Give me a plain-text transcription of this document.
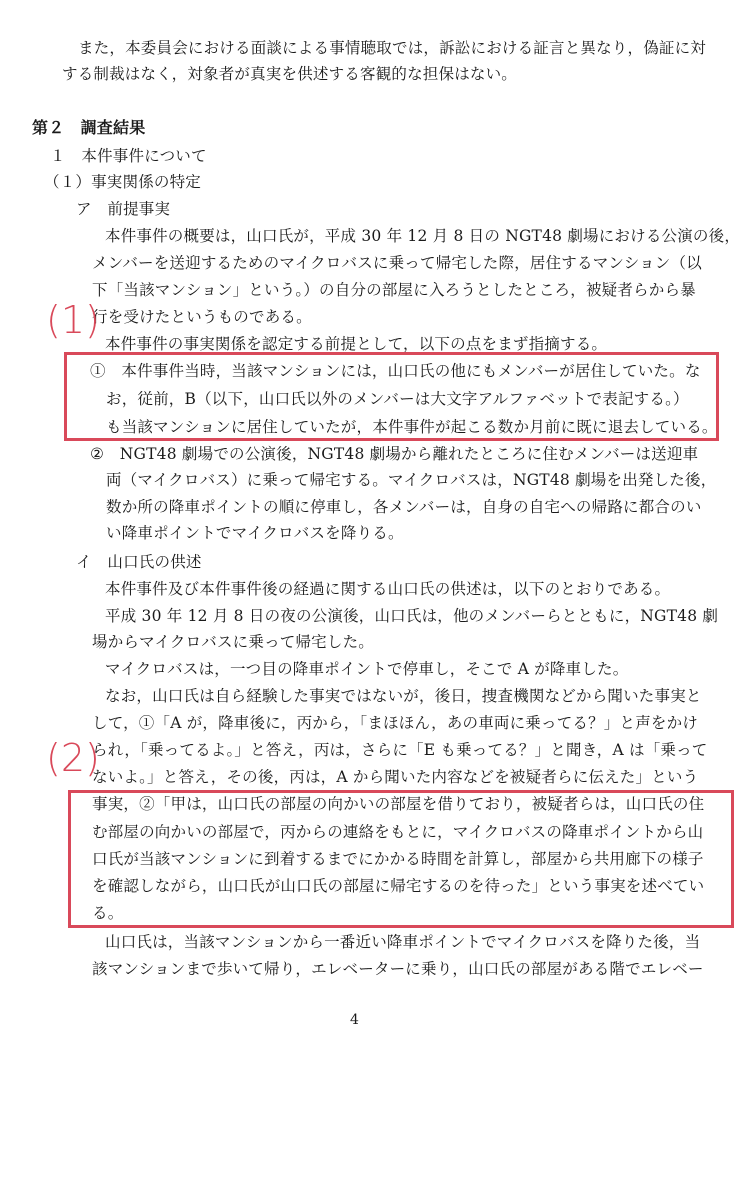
また，本委員会における面談による事情聴取では，訴訟における証言と異なり，偽証に対
する制裁はなく，対象者が真実を供述する客観的な担保はない。
第２　調査結果
１　本件事件について
（１）事実関係の特定
ア　前提事実
本件事件の概要は，山口氏が，平成 30 年 12 月 8 日の NGT48 劇場における公演の後，
メンバーを送迎するためのマイクロバスに乗って帰宅した際，居住するマンション（以
下「当該マンション」という。）の自分の部屋に入ろうとしたところ，被疑者らから暴
行を受けたというものである。
本件事件の事実関係を認定する前提として，以下の点をまず指摘する。
①　本件事件当時，当該マンションには，山口氏の他にもメンバーが居住していた。な
お，従前，B（以下，山口氏以外のメンバーは大文字アルファベットで表記する。）
も当該マンションに居住していたが，本件事件が起こる数か月前に既に退去している。
②　NGT48 劇場での公演後，NGT48 劇場から離れたところに住むメンバーは送迎車
両（マイクロバス）に乗って帰宅する。マイクロバスは，NGT48 劇場を出発した後，
数か所の降車ポイントの順に停車し，各メンバーは，自身の自宅への帰路に都合のい
い降車ポイントでマイクロバスを降りる。
イ　山口氏の供述
本件事件及び本件事件後の経過に関する山口氏の供述は，以下のとおりである。
平成 30 年 12 月 8 日の夜の公演後，山口氏は，他のメンバーらとともに，NGT48 劇
場からマイクロバスに乗って帰宅した。
マイクロバスは，一つ目の降車ポイントで停車し，そこで A が降車した。
なお，山口氏は自ら経験した事実ではないが，後日，捜査機関などから聞いた事実と
して，①「A が，降車後に，丙から，「まほほん，あの車両に乗ってる？」と声をかけ
られ，「乗ってるよ。」と答え，丙は，さらに「E も乗ってる？」と聞き，A は「乗って
ないよ。」と答え，その後，丙は，A から聞いた内容などを被疑者らに伝えた」という
事実，②「甲は，山口氏の部屋の向かいの部屋を借りており，被疑者らは，山口氏の住
む部屋の向かいの部屋で，丙からの連絡をもとに，マイクロバスの降車ポイントから山
口氏が当該マンションに到着するまでにかかる時間を計算し，部屋から共用廊下の様子
を確認しながら，山口氏が山口氏の部屋に帰宅するのを待った」という事実を述べてい
る。
山口氏は，当該マンションから一番近い降車ポイントでマイクロバスを降りた後，当
該マンションまで歩いて帰り，エレベーターに乗り，山口氏の部屋がある階でエレベー
4
(1)
(2)
